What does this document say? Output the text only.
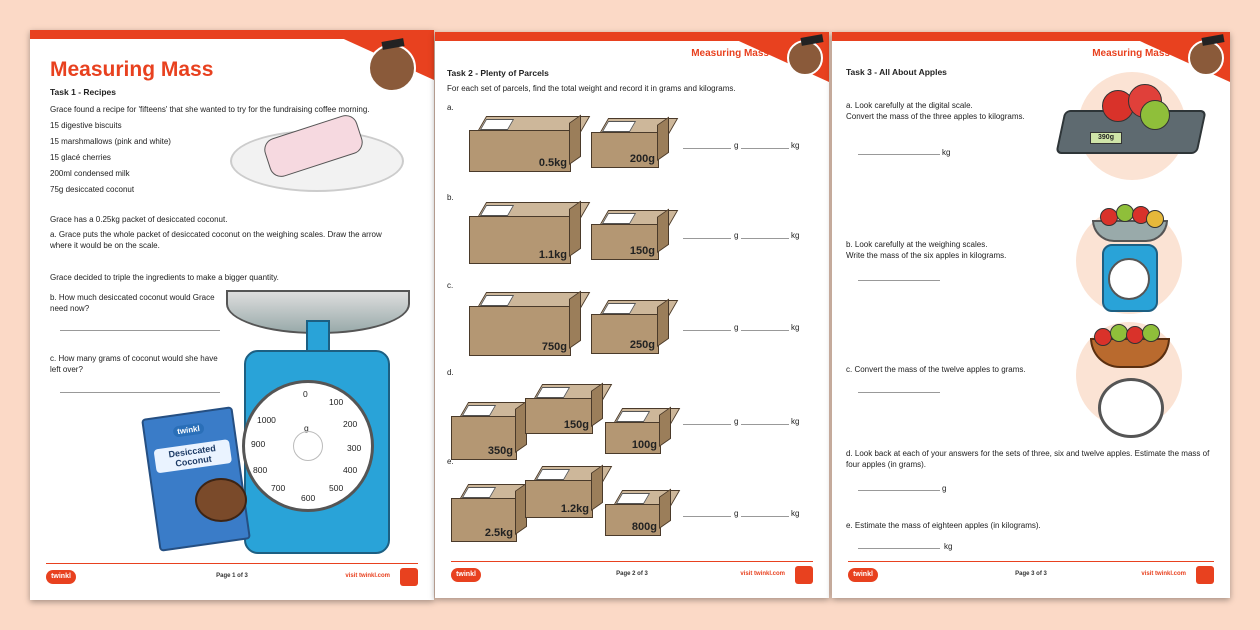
Measuring Mass
Task 1 - Recipes
Grace found a recipe for 'fifteens' that she wanted to try for the fundraising coffee morning.
15 digestive biscuits
15 marshmallows (pink and white)
15 glacé cherries
200ml condensed milk
75g desiccated coconut
Grace has a 0.25kg packet of desiccated coconut.
a. Grace puts the whole packet of desiccated coconut on the weighing scales. Draw the arrow where it would be on the scale.
Grace decided to triple the ingredients to make a bigger quantity.
b. How much desiccated coconut would Grace need now?
c. How many grams of coconut would she have left over?
0
100
200
300
400
500
600
700
800
900
1000
g
twinkl
Desiccated Coconut
twinkl	Page 1 of 3	visit twinkl.com
Measuring Mass
Task 2 - Plenty of Parcels
For each set of parcels, find the total weight and record it in grams and kilograms.
a.
0.5kg	200g
g	kg
b.
1.1kg	150g
g	kg
c.
750g	250g
g	kg
d.
350g
150g
100g
g	kg
e.
2.5kg
1.2kg
800g
g	kg
twinkl	Page 2 of 3	visit twinkl.com
Measuring Mass
Task 3 - All About Apples
a. Look carefully at the digital scale.
Convert the mass of the three apples to kilograms.
kg
390g
b. Look carefully at the weighing scales.
Write the mass of the six apples in kilograms.
c. Convert the mass of the twelve apples to grams.
d. Look back at each of your answers for the sets of three, six and twelve apples. Estimate the mass of four apples (in grams).
g
e. Estimate the mass of eighteen apples (in kilograms).
kg
twinkl	Page 3 of 3	visit twinkl.com
